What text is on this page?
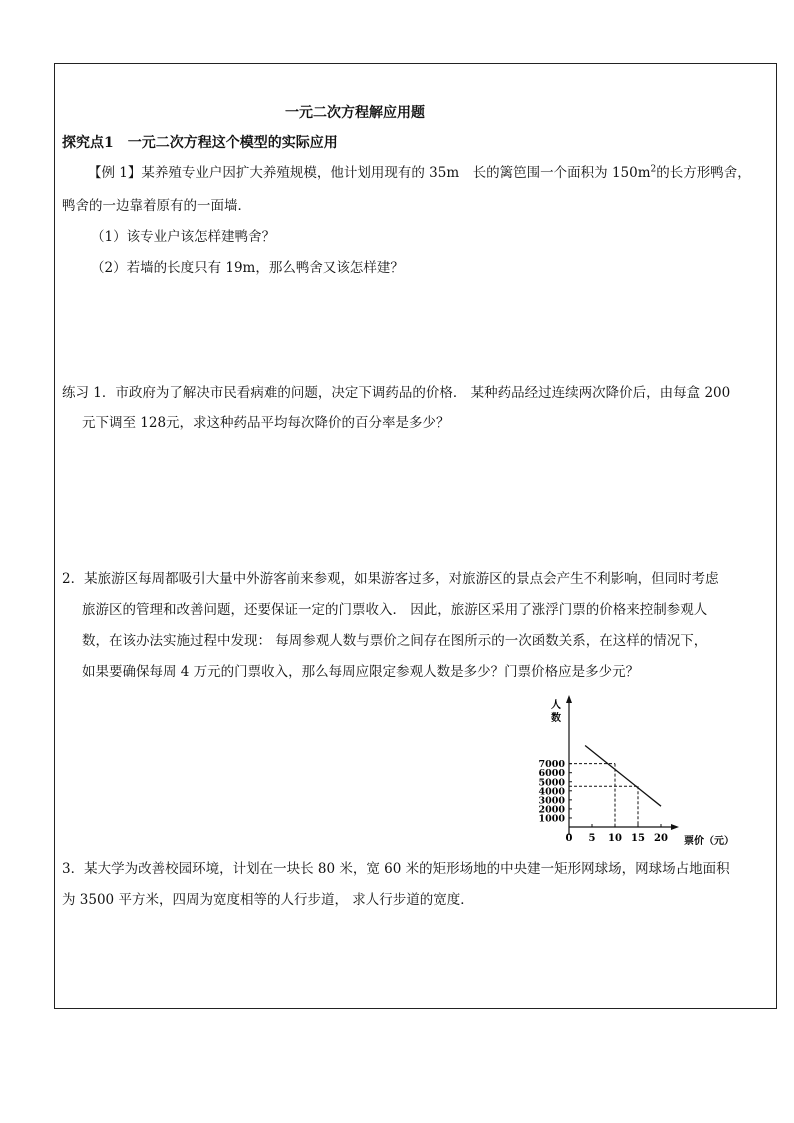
一元二次方程解应用题
探究点1　一元二次方程这个模型的实际应用
【例 1】某养殖专业户因扩大养殖规模，他计划用现有的 35m　长的篱笆围一个面积为 $150m^2$的长方形鸭舍，
鸭舍的一边靠着原有的一面墙．
（1）该专业户该怎样建鸭舍？
（2）若墙的长度只有 19m，那么鸭舍又该怎样建？
练习 1．市政府为了解决市民看病难的问题，决定下调药品的价格． 某种药品经过连续两次降价后，由每盒 200
元下调至 128元，求这种药品平均每次降价的百分率是多少？
2．某旅游区每周都吸引大量中外游客前来参观，如果游客过多，对旅游区的景点会产生不利影响，但同时考虑
旅游区的管理和改善问题，还要保证一定的门票收入． 因此，旅游区采用了涨浮门票的价格来控制参观人
数，在该办法实施过程中发现： 每周参观人数与票价之间存在图所示的一次函数关系，在这样的情况下，
如果要确保每周 4 万元的门票收入，那么每周应限定参观人数是多少？门票价格应是多少元？
人
数
票价（元）
0 5 10 15 20
7000
6000
5000
4000
3000
2000
1000
3．某大学为改善校园环境，计划在一块长 80 米，宽 60 米的矩形场地的中央建一矩形网球场，网球场占地面积
为 3500 平方米，四周为宽度相等的人行步道， 求人行步道的宽度．
